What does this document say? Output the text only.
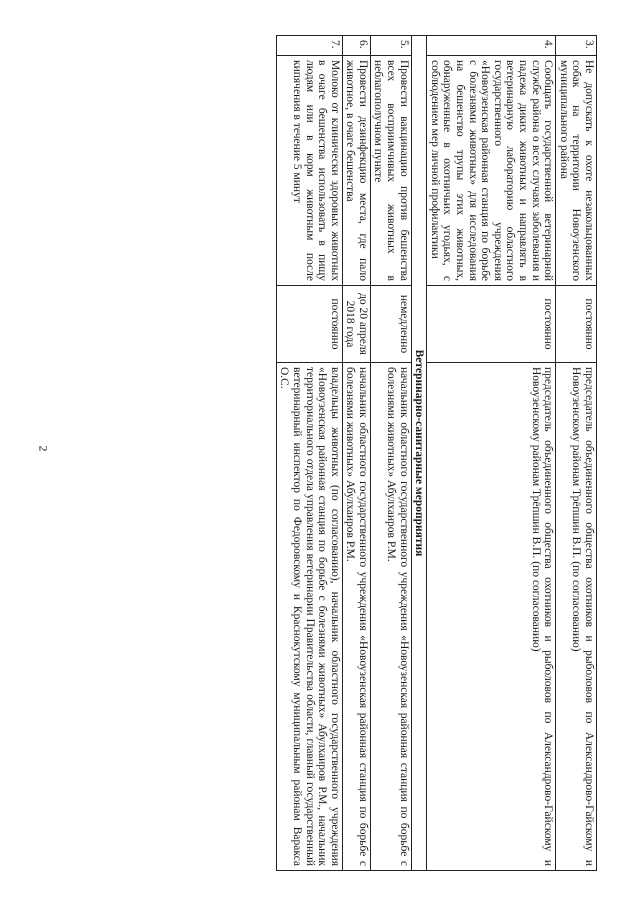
2
3.	Не допускать к охоте незакольцованных собак на территории Новоузенского муниципального района	постоянно	председатель объединенного общества охотников и рыболовов по Александрово-Гайскому и Новоузенскому районам Трёпшин В.П. (по согласованию)
4.	Сообщать государственной ветеринарной службе района о всех случаях заболевания и падежа диких животных и направлять в ветеринарную лабораторию областного государственного учреждения «Новоузенская районная станция по борьбе с болезнями животных» для исследования на бешенство трупы этих животных, обнаруженные в охотничьих угодьях, с соблюдением мер личной профилактики	постоянно	председатель объединенного общества охотников и рыболовов по Александрово-Гайскому и Новоузенскому районам Трёпшин В.П. (по согласованию)
Ветеринарно-санитарные мероприятия			
5.	Провести вакцинацию против бешенства всех восприимчивых животных в неблагополучном пункте	немедленно	начальник областного государственного учреждения «Новоузенская районная станция по борьбе с болезнями животных» Абулхаиров Р.М.
6.	Провести дезинфекцию места, где пало животное, в очаге бешенства	до 20 апреля 2018 года	начальник областного государственного учреждения «Новоузенская районная станция по борьбе с болезнями животных» Абулхаиров Р.М.
7.	Молоко от клинически здоровых животных в очаге бешенства использовать в пищу людям или в корм животным после кипячения в течение 5 минут	постоянно	владельцы животных (по согласованию), начальник областного государственного учреждения «Новоузенская районная станция по борьбе с болезнями животных» Абулхаиров Р.М., начальник территориального отдела управления ветеринарии Правительства области, главный государственный ветеринарный инспектор по Федоровскому и Краснокутскому муниципальным районам Варакса О.С.
